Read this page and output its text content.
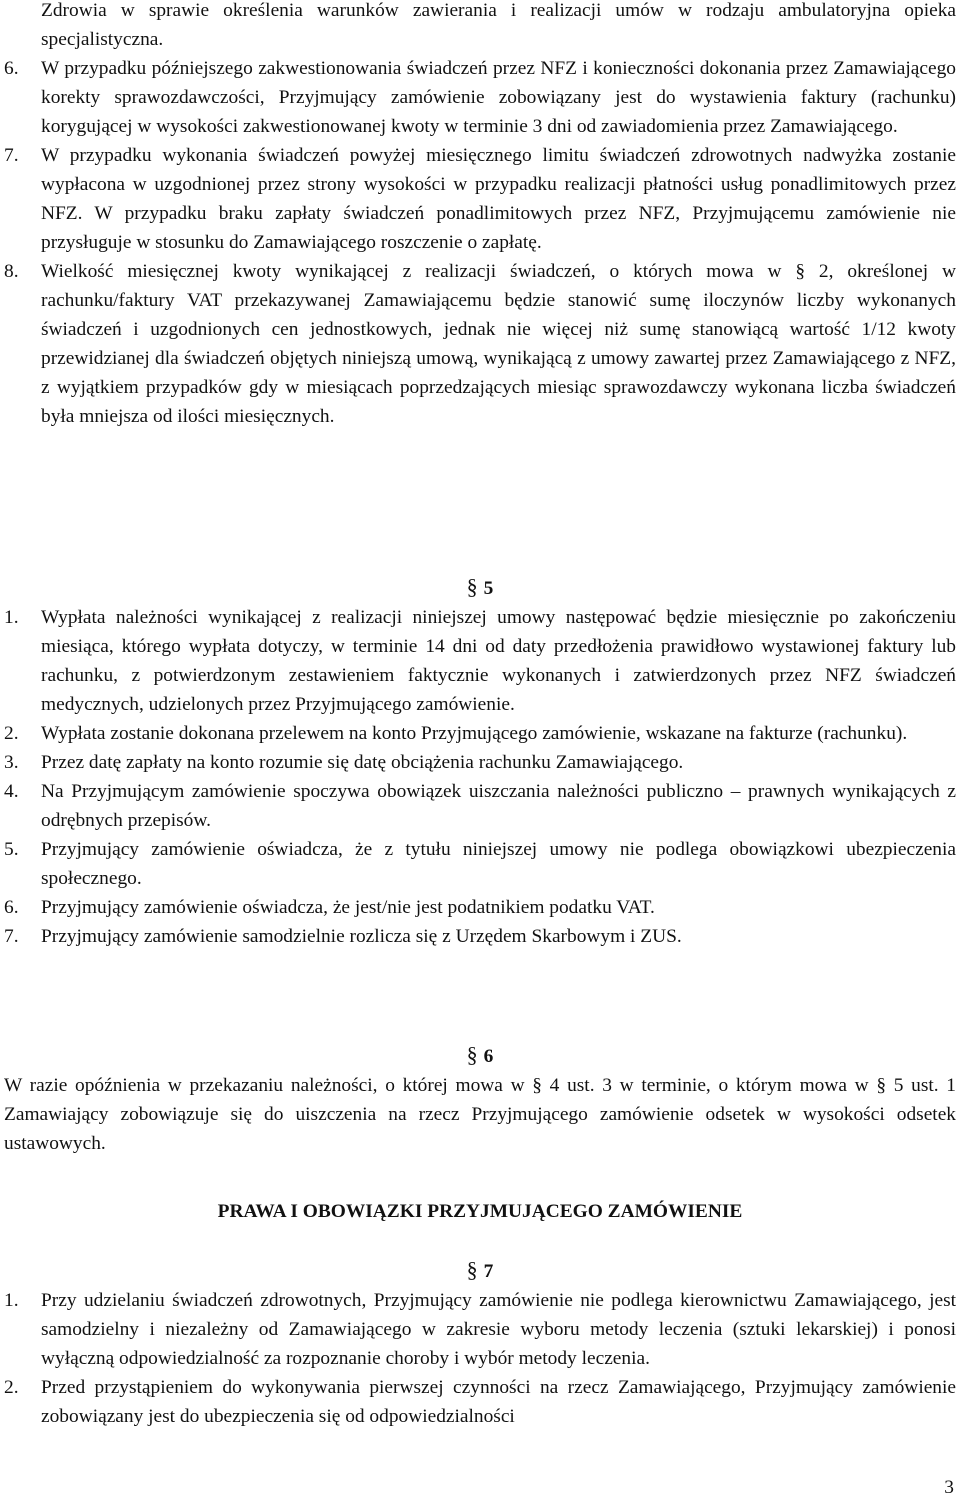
Zdrowia w sprawie określenia warunków zawierania i realizacji umów w rodzaju ambulatoryjna opieka specjalistyczna.
6. W przypadku późniejszego zakwestionowania świadczeń przez NFZ i konieczności dokonania przez Zamawiającego korekty sprawozdawczości, Przyjmujący zamówienie zobowiązany jest do wystawienia faktury (rachunku) korygującej w wysokości zakwestionowanej kwoty w terminie 3 dni od zawiadomienia przez Zamawiającego.
7. W przypadku wykonania świadczeń powyżej miesięcznego limitu świadczeń zdrowotnych nadwyżka zostanie wypłacona w uzgodnionej przez strony wysokości w przypadku realizacji płatności usług ponadlimitowych przez NFZ. W przypadku braku zapłaty świadczeń ponadlimitowych przez NFZ, Przyjmującemu zamówienie nie przysługuje w stosunku do Zamawiającego roszczenie o zapłatę.
8. Wielkość miesięcznej kwoty wynikającej z realizacji świadczeń, o których mowa w § 2, określonej w rachunku/faktury VAT przekazywanej Zamawiającemu będzie stanowić sumę iloczynów liczby wykonanych świadczeń i uzgodnionych cen jednostkowych, jednak nie więcej niż sumę stanowiącą wartość 1/12 kwoty przewidzianej dla świadczeń objętych niniejszą umową, wynikającą z umowy zawartej przez Zamawiającego z NFZ, z wyjątkiem przypadków gdy w miesiącach poprzedzających miesiąc sprawozdawczy wykonana liczba świadczeń była mniejsza od ilości miesięcznych.
§ 5
1. Wypłata należności wynikającej z realizacji niniejszej umowy następować będzie miesięcznie po zakończeniu miesiąca, którego wypłata dotyczy, w terminie 14 dni od daty przedłożenia prawidłowo wystawionej faktury lub rachunku, z potwierdzonym zestawieniem faktycznie wykonanych i zatwierdzonych przez NFZ świadczeń medycznych, udzielonych przez Przyjmującego zamówienie.
2. Wypłata zostanie dokonana przelewem na konto Przyjmującego zamówienie, wskazane na fakturze (rachunku).
3. Przez datę zapłaty na konto rozumie się datę obciążenia rachunku Zamawiającego.
4. Na Przyjmującym zamówienie spoczywa obowiązek uiszczania należności publiczno – prawnych wynikających z odrębnych przepisów.
5. Przyjmujący zamówienie oświadcza, że z tytułu niniejszej umowy nie podlega obowiązkowi ubezpieczenia społecznego.
6. Przyjmujący zamówienie oświadcza, że jest/nie jest podatnikiem podatku VAT.
7. Przyjmujący zamówienie samodzielnie rozlicza się z Urzędem Skarbowym i ZUS.
§ 6
W razie opóźnienia w przekazaniu należności, o której mowa w § 4 ust. 3 w terminie, o którym mowa w § 5 ust. 1 Zamawiający zobowiązuje się do uiszczenia na rzecz Przyjmującego zamówienie odsetek w wysokości odsetek ustawowych.
PRAWA I OBOWIĄZKI PRZYJMUJĄCEGO ZAMÓWIENIE
§ 7
1. Przy udzielaniu świadczeń zdrowotnych, Przyjmujący zamówienie nie podlega kierownictwu Zamawiającego, jest samodzielny i niezależny od Zamawiającego w zakresie wyboru metody leczenia (sztuki lekarskiej) i ponosi wyłączną odpowiedzialność za rozpoznanie choroby i wybór metody leczenia.
2. Przed przystąpieniem do wykonywania pierwszej czynności na rzecz Zamawiającego, Przyjmujący zamówienie zobowiązany jest do ubezpieczenia się od odpowiedzialności
3
